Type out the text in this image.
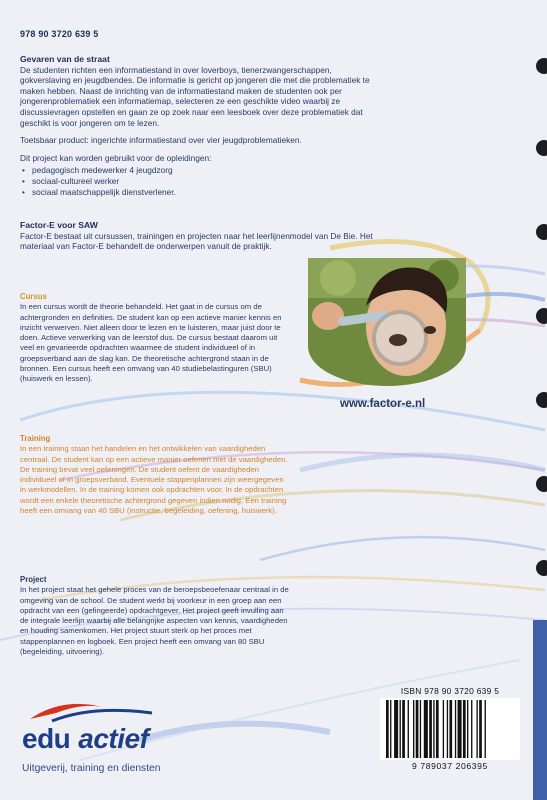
978 90 3720 639 5
Gevaren van de straat

De studenten richten een informatiestand in over loverboys, tienerzwangerschappen, gokverslaving en jeugdbendes. De informatie is gericht op jongeren die met die problematiek te maken hebben. Naast de inrichting van de informatiestand maken de studenten ook per jongerenproblematiek een informatiemap, selecteren ze een geschikte video waarbij ze discussievragen opstellen en gaan ze op zoek naar een leesboek over deze problematiek dat geschikt is voor jongeren om te lezen.

Toetsbaar product: ingerichte informatiestand over vier jeugdproblematieken.

Dit project kan worden gebruikt voor de opleidingen:

• pedagogisch medewerker 4 jeugdzorg
• sociaal-cultureel werker
• sociaal maatschappelijk dienstverlener.
Factor-E voor SAW

Factor-E bestaat uit cursussen, trainingen en projecten naar het leerlijnenmodel van De Bie. Het materiaal van Factor-E behandelt de onderwerpen vanuit de praktijk.

Cursus

In een cursus wordt de theorie behandeld. Het gaat in de cursus om de achtergronden en definities. De student kan op een actieve manier kennis en inzicht verwerven. Niet alleen door te lezen en te luisteren, maar juist door te doen. Actieve verwerking van de leerstof dus. De cursus bestaat daarom uit veel en gevarieerde opdrachten waarmee de student individueel of in groepsverband aan de slag kan. De theoretische achtergrond staan in de bronnen. Een cursus heeft een omvang van 40 studiebelastinguren (SBU) (huiswerk en lessen).

Training

In een training staan het handelen en het ontwikkelen van vaardigheden centraal. De student kan op een actieve manier oefenen met de vaardigheden. De training bevat veel oefeningen. De student oefent de vaardigheden individueel of in groepsverband. Eventuele stappenplannen zijn weergegeven in werkmodellen. In de training komen ook opdrachten voor. In de opdrachten wordt een enkele theoretische achtergrond gegeven indien nodig. Een training heeft een omvang van 40 SBU (instructie, begeleiding, oefening, huiswerk).

Project

In het project staat het gehele proces van de beroepsbeoefenaar centraal in de omgeving van de school. De student werkt bij voorkeur in een groep aan een opdracht van een (gefingeerde) opdrachtgever. Het project geeft invulling aan de integrale leerlijn waarbij alle belangrijke aspecten van kennis, vaardigheden en houding samenkomen. Het project stuurt sterk op het proces met stappenplannen en logboek. Een project heeft een omvang van 80 SBU (begeleiding, uitvoering).

www.factor-e.nl
edu actief
Uitgeverij, training en diensten
ISBN 978 90 3720 639 5
9 789037 206395
